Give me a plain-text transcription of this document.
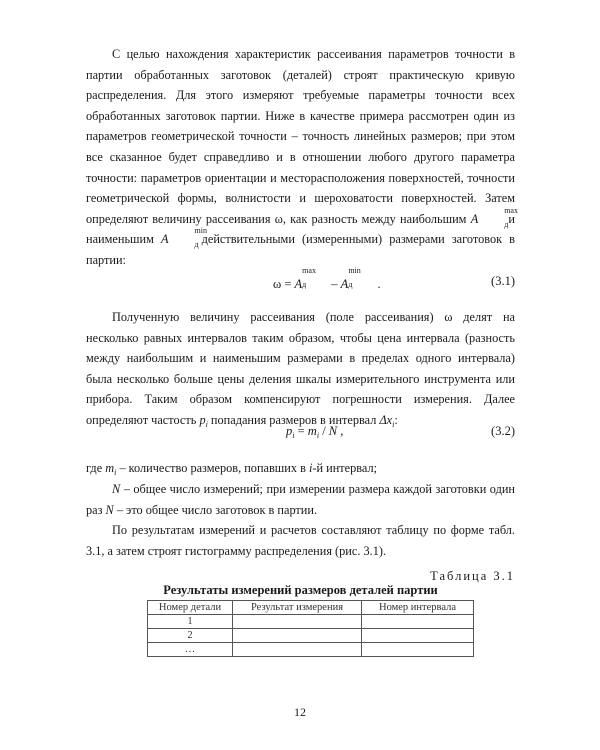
С целью нахождения характеристик рассеивания параметров точности в партии обработанных заготовок (деталей) строят практическую кривую распределения. Для этого измеряют требуемые параметры точности всех обработанных заготовок партии. Ниже в качестве примера рассмотрен один из параметров геометрической точности – точность линейных размеров; при этом все сказанное будет справедливо и в отношении любого другого параметра точности: параметров ориентации и месторасположения поверхностей, точности геометрической формы, волнистости и шероховатости поверхностей. Затем определяют величину рассеивания ω, как разность между наибольшим A
max
д и наименьшим A
min
д действительными (измеренными) размерами заготовок в партии:

ω = A
max
д – A
min
д .	(3.1)

Полученную величину рассеивания (поле рассеивания) ω делят на несколько равных интервалов таким образом, чтобы цена интервала (разность между наибольшим и наименьшим размерами в пределах одного интервала) была несколько больше цены деления шкалы измерительного инструмента или прибора. Таким образом компенсируют погрешности измерения. Далее определяют частость $p_i$ попадания размеров в интервал $\Delta x_i$:

$p_i = m_i / N$ ,	(3.2)

где $m_i$ – количество размеров, попавших в i-й интервал;

N – общее число измерений; при измерении размера каждой заготовки один раз N – это общее число заготовок в партии.

По результатам измерений и расчетов составляют таблицу по форме табл. 3.1, а затем строят гистограмму распределения (рис. 3.1).

Таблица 3.1
Результаты измерений размеров деталей партии
Номер детали	Результат измерения	Номер интервала
1		
2		
…		
12
